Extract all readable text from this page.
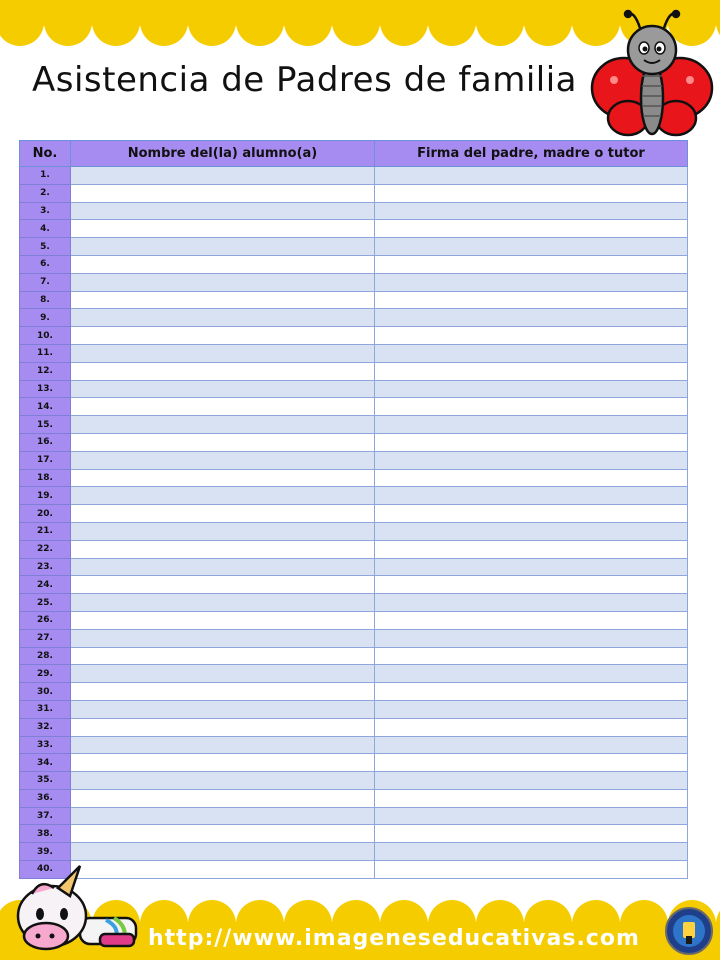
Asistencia de Padres de familia
No.	Nombre del(la) alumno(a)	Firma del padre, madre o tutor
1.		
2.		
3.		
4.		
5.		
6.		
7.		
8.		
9.		
10.		
11.		
12.		
13.		
14.		
15.		
16.		
17.		
18.		
19.		
20.		
21.		
22.		
23.		
24.		
25.		
26.		
27.		
28.		
29.		
30.		
31.		
32.		
33.		
34.		
35.		
36.		
37.		
38.		
39.		
40.		
http://www.imageneseducativas.com
